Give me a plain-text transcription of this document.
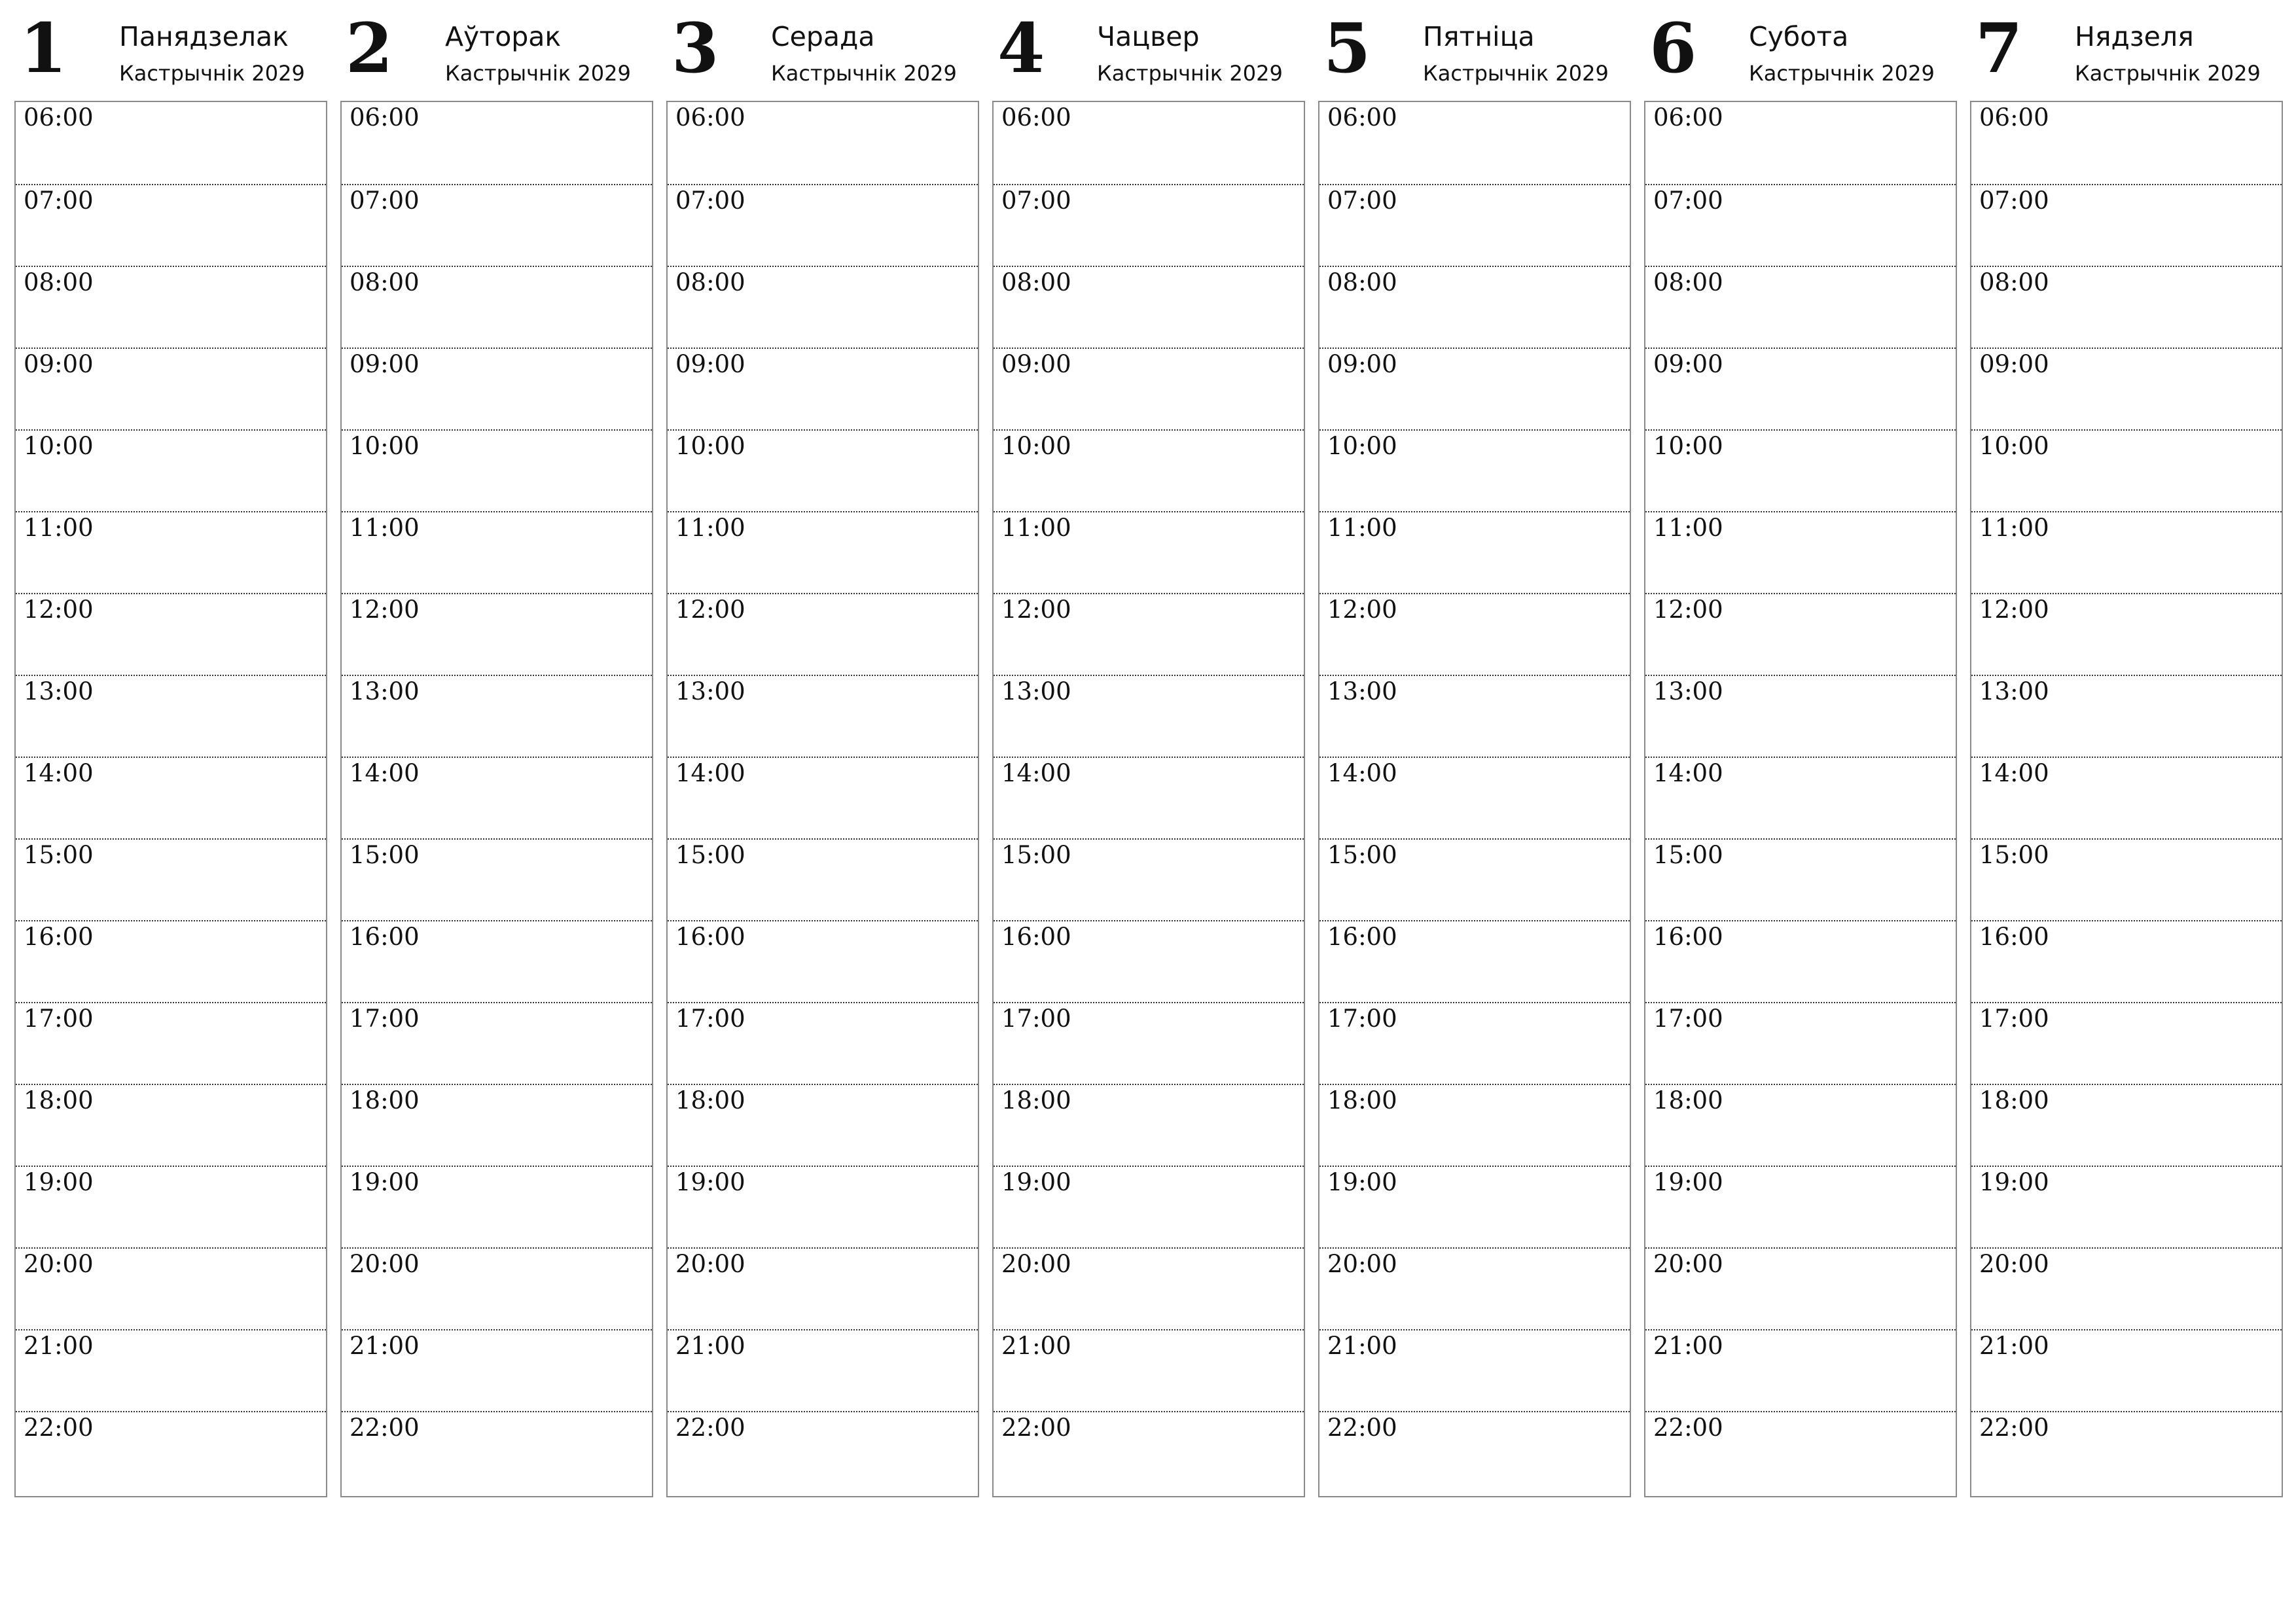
1 Панядзелак
Кастрычнік 2029
06:00
07:00
08:00
09:00
10:00
11:00
12:00
13:00
14:00
15:00
16:00
17:00
18:00
19:00
20:00
21:00
22:00
2 Аўторак
Кастрычнік 2029
06:00
07:00
08:00
09:00
10:00
11:00
12:00
13:00
14:00
15:00
16:00
17:00
18:00
19:00
20:00
21:00
22:00
3 Серада
Кастрычнік 2029
06:00
07:00
08:00
09:00
10:00
11:00
12:00
13:00
14:00
15:00
16:00
17:00
18:00
19:00
20:00
21:00
22:00
4 Чацвер
Кастрычнік 2029
06:00
07:00
08:00
09:00
10:00
11:00
12:00
13:00
14:00
15:00
16:00
17:00
18:00
19:00
20:00
21:00
22:00
5 Пятніца
Кастрычнік 2029
06:00
07:00
08:00
09:00
10:00
11:00
12:00
13:00
14:00
15:00
16:00
17:00
18:00
19:00
20:00
21:00
22:00
6 Субота
Кастрычнік 2029
06:00
07:00
08:00
09:00
10:00
11:00
12:00
13:00
14:00
15:00
16:00
17:00
18:00
19:00
20:00
21:00
22:00
7 Нядзеля
Кастрычнік 2029
06:00
07:00
08:00
09:00
10:00
11:00
12:00
13:00
14:00
15:00
16:00
17:00
18:00
19:00
20:00
21:00
22:00
